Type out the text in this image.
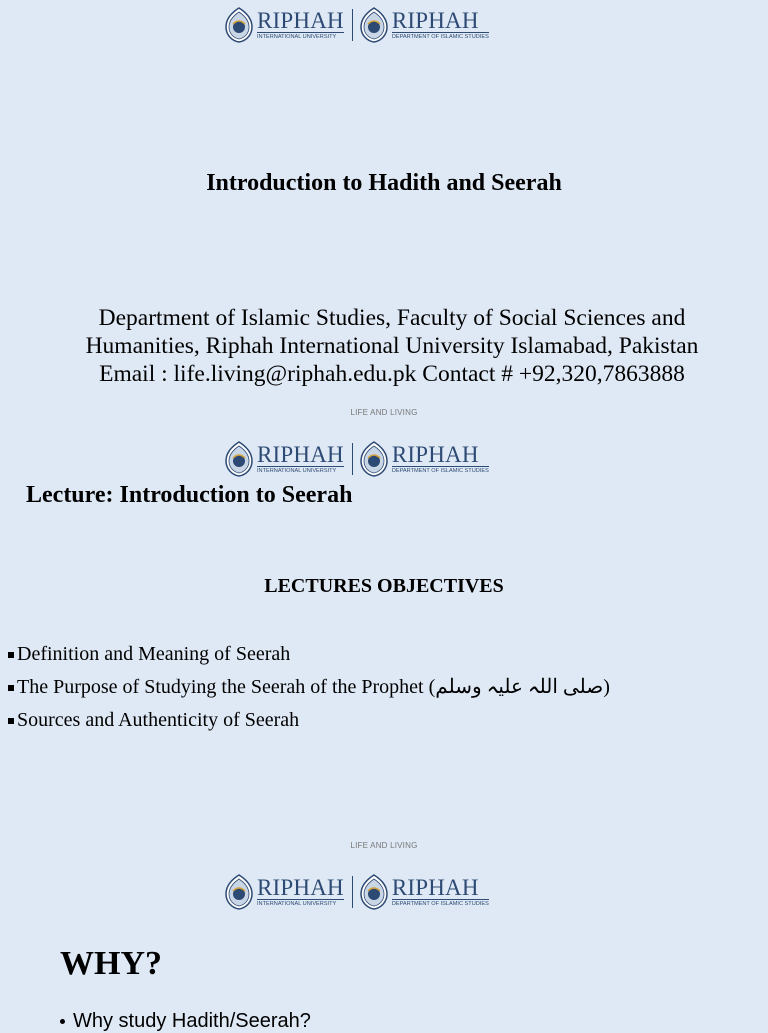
RIPHAH
INTERNATIONAL UNIVERSITY
RIPHAH
DEPARTMENT OF ISLAMIC STUDIES
Introduction to Hadith and Seerah
Department of Islamic Studies, Faculty of Social Sciences and
Humanities, Riphah International University Islamabad, Pakistan
Email : life.living@riphah.edu.pk Contact # +92,320,7863888
LIFE AND LIVING
RIPHAH
INTERNATIONAL UNIVERSITY
RIPHAH
DEPARTMENT OF ISLAMIC STUDIES
Lecture: Introduction to Seerah
LECTURES OBJECTIVES
Definition and Meaning of Seerah
The Purpose of Studying the Seerah of the Prophet (صلی اللہ علیہ وسلم)
Sources and Authenticity of Seerah
LIFE AND LIVING
RIPHAH
INTERNATIONAL UNIVERSITY
RIPHAH
DEPARTMENT OF ISLAMIC STUDIES
WHY?
Why study Hadith/Seerah?
